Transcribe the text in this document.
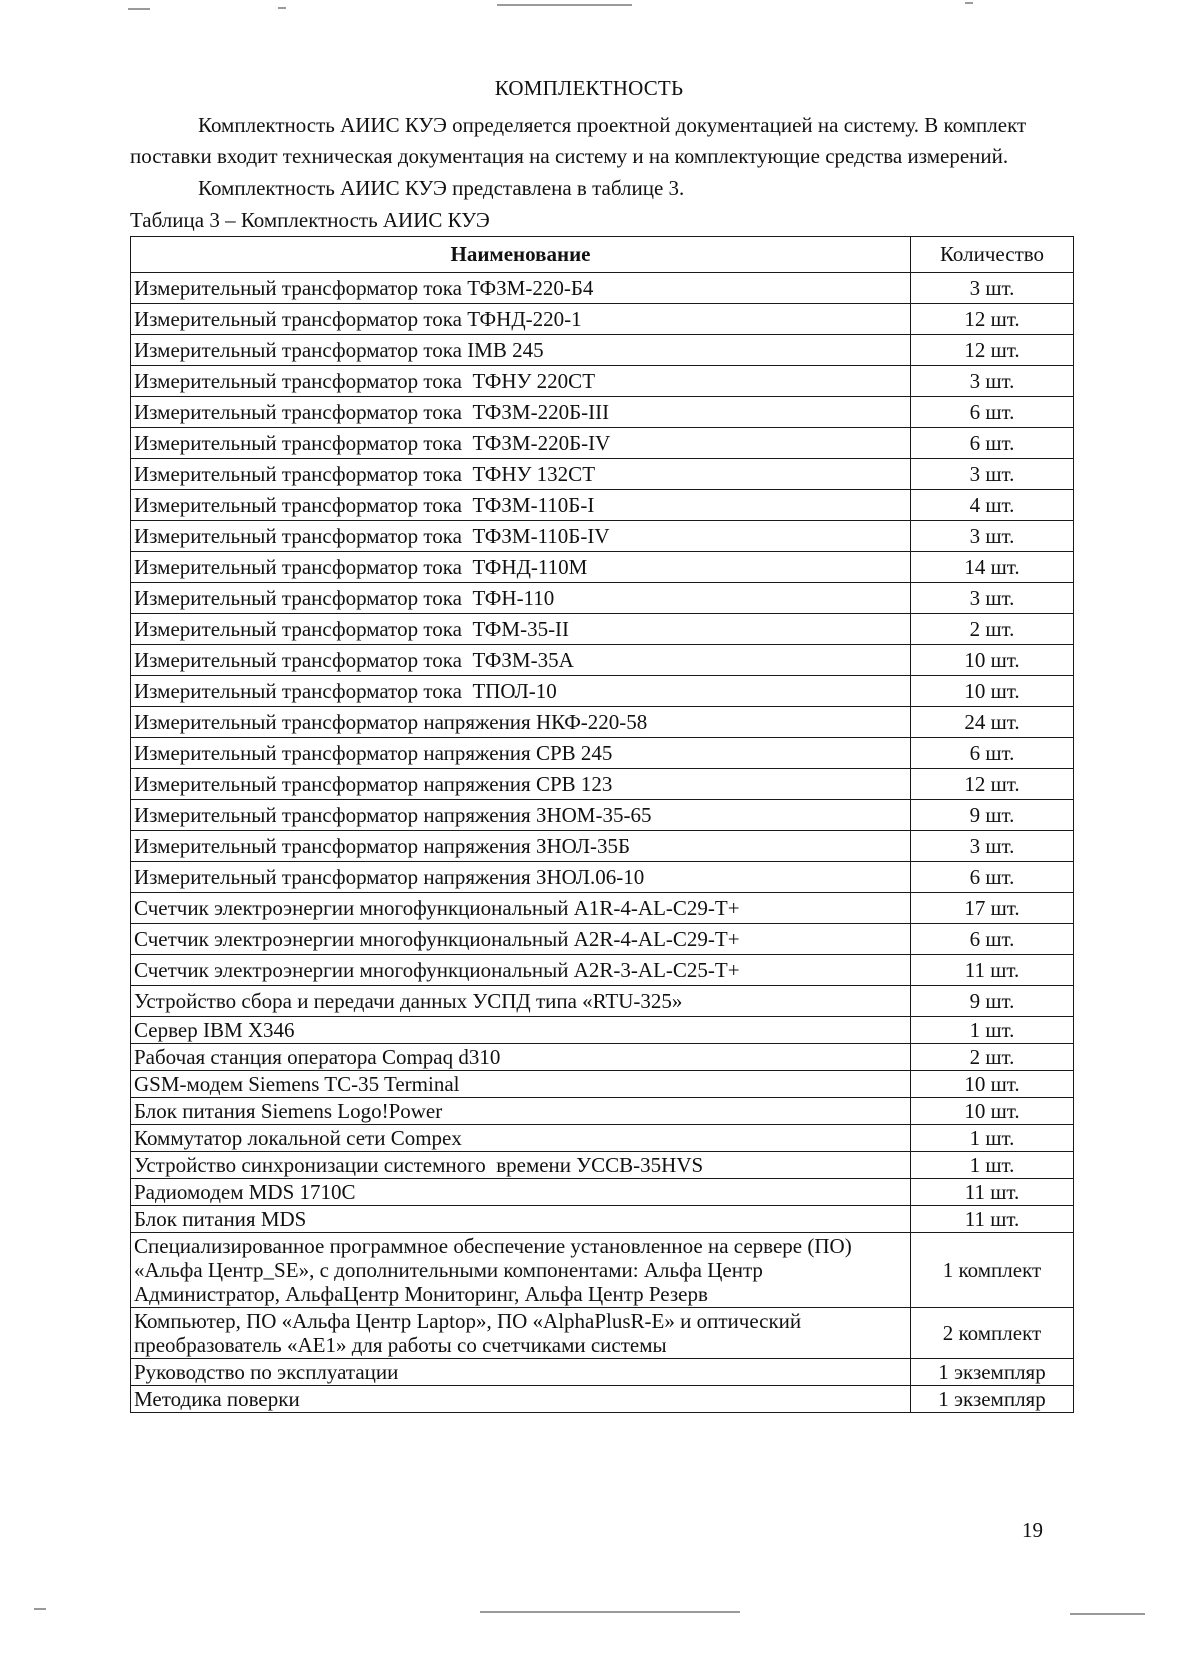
КОМПЛЕКТНОСТЬ
Комплектность АИИС КУЭ определяется проектной документацией на систему. В комплект
поставки входит техническая документация на систему и на комплектующие средства измерений.
Комплектность АИИС КУЭ представлена в таблице 3.
Таблица 3 – Комплектность АИИС КУЭ
Наименование	Количество
Измерительный трансформатор тока ТФЗМ-220-Б4	3 шт.
Измерительный трансформатор тока ТФНД-220-1	12 шт.
Измерительный трансформатор тока IMB 245	12 шт.
Измерительный трансформатор тока  ТФНУ 220СТ	3 шт.
Измерительный трансформатор тока  ТФЗМ-220Б-III	6 шт.
Измерительный трансформатор тока  ТФЗМ-220Б-IV	6 шт.
Измерительный трансформатор тока  ТФНУ 132СТ	3 шт.
Измерительный трансформатор тока  ТФЗМ-110Б-I	4 шт.
Измерительный трансформатор тока  ТФЗМ-110Б-IV	3 шт.
Измерительный трансформатор тока  ТФНД-110М	14 шт.
Измерительный трансформатор тока  ТФН-110	3 шт.
Измерительный трансформатор тока  ТФМ-35-II	2 шт.
Измерительный трансформатор тока  ТФЗМ-35А	10 шт.
Измерительный трансформатор тока  ТПОЛ-10	10 шт.
Измерительный трансформатор напряжения НКФ-220-58	24 шт.
Измерительный трансформатор напряжения СРВ 245	6 шт.
Измерительный трансформатор напряжения СРВ 123	12 шт.
Измерительный трансформатор напряжения ЗНОМ-35-65	9 шт.
Измерительный трансформатор напряжения ЗНОЛ-35Б	3 шт.
Измерительный трансформатор напряжения ЗНОЛ.06-10	6 шт.
Счетчик электроэнергии многофункциональный A1R-4-AL-C29-T+	17 шт.
Счетчик электроэнергии многофункциональный A2R-4-AL-C29-T+	6 шт.
Счетчик электроэнергии многофункциональный A2R-3-AL-C25-T+	11 шт.
Устройство сбора и передачи данных УСПД типа «RTU-325»	9 шт.
Сервер IBM X346	1 шт.
Рабочая станция оператора Compaq d310	2 шт.
GSM-модем Siemens TC-35 Terminal	10 шт.
Блок питания Siemens Logo!Power	10 шт.
Коммутатор локальной сети Compex	1 шт.
Устройство синхронизации системного  времени УССВ-35HVS	1 шт.
Радиомодем MDS 1710C	11 шт.
Блок питания MDS	11 шт.
Специализированное программное обеспечение установленное на сервере (ПО) «Альфа Центр_SE», с дополнительными компонентами: Альфа Центр Администратор, АльфаЦентр Мониторинг, Альфа Центр Резерв	1 комплект
Компьютер, ПО «Альфа Центр Laptop», ПО «AlphaPlusR-E» и оптический преобразователь «AE1» для работы со счетчиками системы	2 комплект
Руководство по эксплуатации	1 экземпляр
Методика поверки	1 экземпляр
19
